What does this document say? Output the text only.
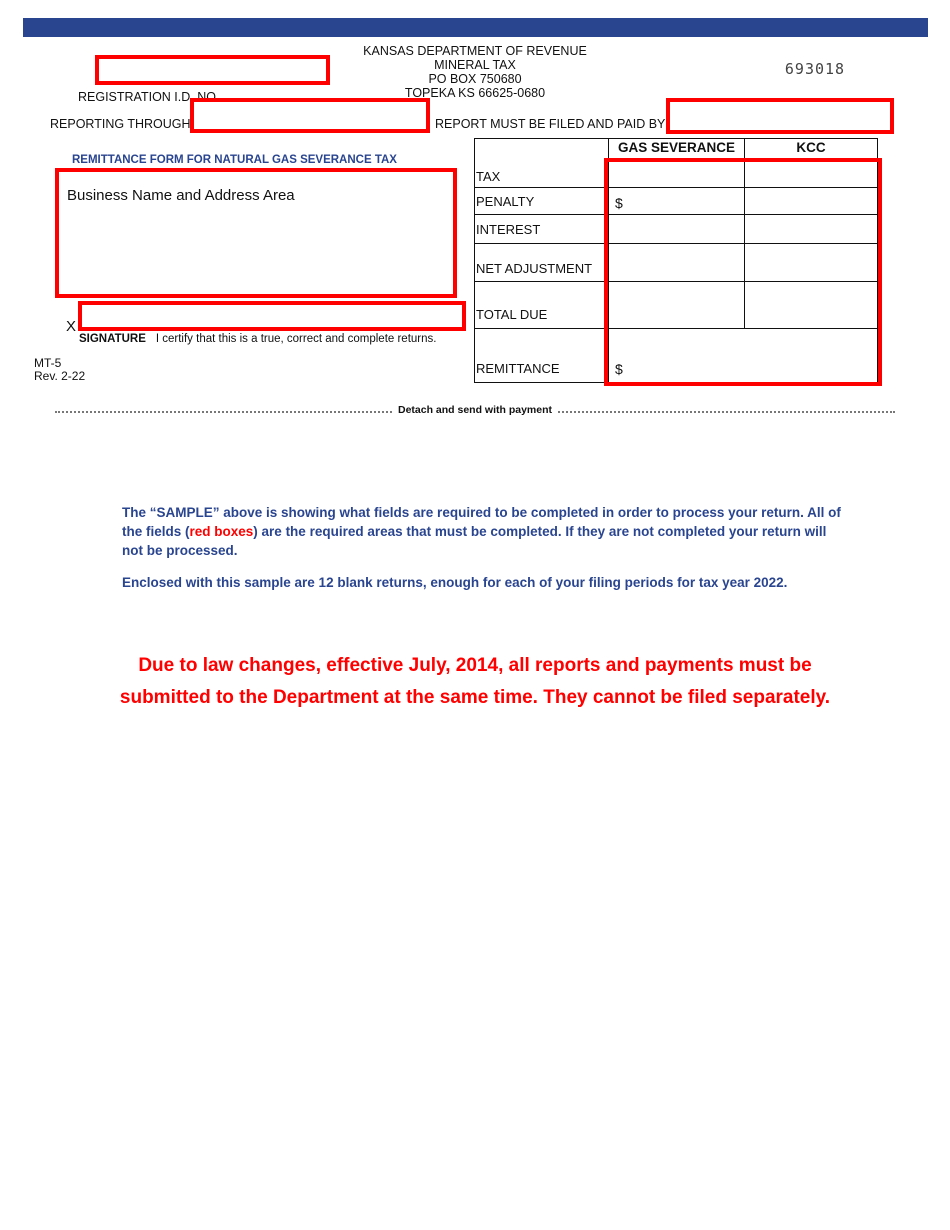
KANSAS DEPARTMENT OF REVENUE
MINERAL TAX
PO BOX 750680
TOPEKA KS 66625-0680
693018
REGISTRATION I.D. NO.
REPORTING THROUGH	REPORT MUST BE FILED AND PAID BY
REMITTANCE FORM FOR NATURAL GAS SEVERANCE TAX
Business Name and Address Area
X
SIGNATURE I certify that this is a true, correct and complete returns.
MT-5
Rev. 2-22
GAS SEVERANCE	KCC
TAX
PENALTY
INTEREST
NET ADJUSTMENT
TOTAL DUE
REMITTANCE
$
$
Detach and send with payment
The “SAMPLE” above is showing what fields are required to be completed in order to process your return. All of the fields (red boxes) are the required areas that must be completed. If they are not completed your return will not be processed.
Enclosed with this sample are 12 blank returns, enough for each of your filing periods for tax year 2022.
Due to law changes, effective July, 2014, all reports and payments must be
submitted to the Department at the same time. They cannot be filed separately.
